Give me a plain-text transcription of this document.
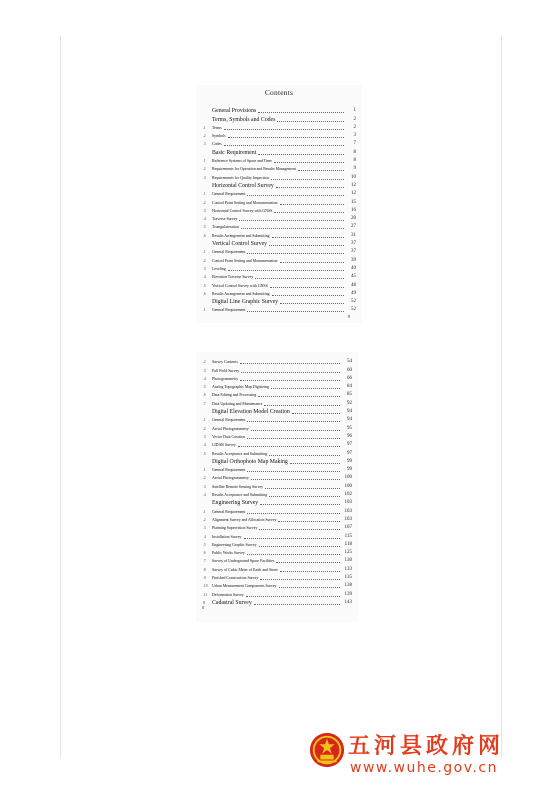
Contents
General Provisions	1
Terms, Symbols and Codes	2
.1	Terms	2
.2	Symbols	3
.3	Codes	7
Basic Requirement	8
.1	Reference Systems of Space and Time	8
.2	Requirements for Operation and Results Management	9
.3	Requirements for Quality Inspection	10
Horizontal Control Survey	12
.1	General Requirement	12
.2	Control Point Setting and Monumentation	15
.3	Horizontal Control Survey with GNSS	16
.4	Traverse Survey	20
.5	Triangulateration	27
.6	Results Arrangement and Submitting	31
Vertical Control Survey	37
.1	General Requirement	37
.2	Control Point Setting and Monumentation	39
.3	Leveling	40
.4	Elevation Traverse Survey	45
.5	Vertical Control Survey with GNSS	48
.6	Results Arrangement and Submitting	49
Digital Line Graphic Survey	52
.1	General Requirement	52
8
.2	Survey Contents	54
.3	Full Field Survey	60
.4	Photogrammetry	66
.5	Analog Topographic Map Digitizing	84
.6	Data Editing and Processing	85
.7	Data Updating and Maintenance	92
Digital Elevation Model Creation	94
.1	General Requirement	94
.2	Aerial Photogrammetry	95
.3	Vector Data Creation	96
.4	LIDAR Survey	97
.5	Results Acceptance and Submitting	97
Digital Orthophoto Map Making	99
.1	General Requirement	99
.2	Aerial Photogrammetry	100
.3	Satellite Remote Sensing Survey	100
.4	Results Acceptance and Submitting	102
Engineering Survey	103
.1	General Requirement	103
.2	Alignment Survey and Allocation Survey	103
.3	Planning Supervision Survey	107
.4	Installation Survey	115
.5	Engineering Graphic Survey	118
.6	Public Works Survey	125
.7	Survey of Underground Space Facilities	130
.8	Survey of Cubic Meter of Earth and Stone	133
.9	Finished Construction Survey	135
.10	Urban Measurement Components Survey	138
.11	Deformation Survey	139
0	Cadastral Survey	143
0
五河县政府网
www.wuhe.gov.cn
